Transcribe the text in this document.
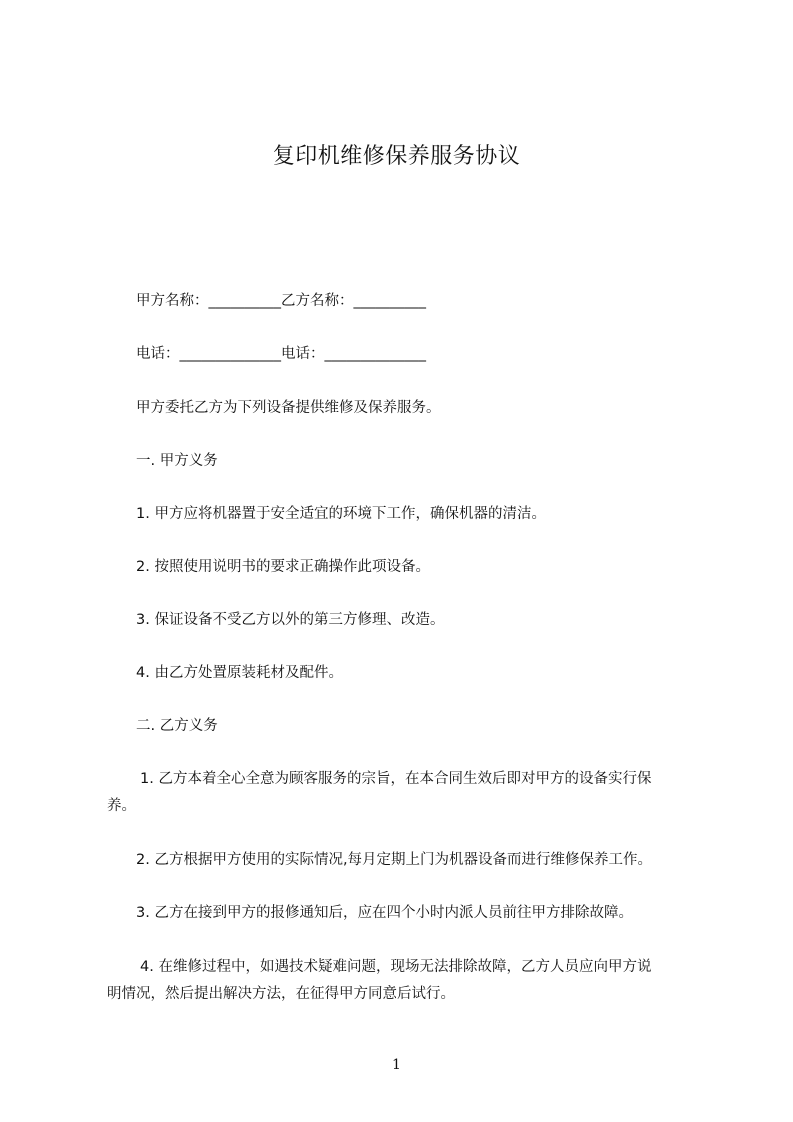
复印机维修保养服务协议
甲方名称：__________乙方名称：__________
电话：______________电话：______________
甲方委托乙方为下列设备提供维修及保养服务。
一. 甲方义务
1. 甲方应将机器置于安全适宜的环境下工作，确保机器的清洁。
2. 按照使用说明书的要求正确操作此项设备。
3. 保证设备不受乙方以外的第三方修理、改造。
4. 由乙方处置原装耗材及配件。
二. 乙方义务
1. 乙方本着全心全意为顾客服务的宗旨，在本合同生效后即对甲方的设备实行保
养。
2. 乙方根据甲方使用的实际情况,每月定期上门为机器设备而进行维修保养工作。
3. 乙方在接到甲方的报修通知后，应在四个小时内派人员前往甲方排除故障。
4. 在维修过程中，如遇技术疑难问题，现场无法排除故障，乙方人员应向甲方说
明情况，然后提出解决方法，在征得甲方同意后试行。
1
